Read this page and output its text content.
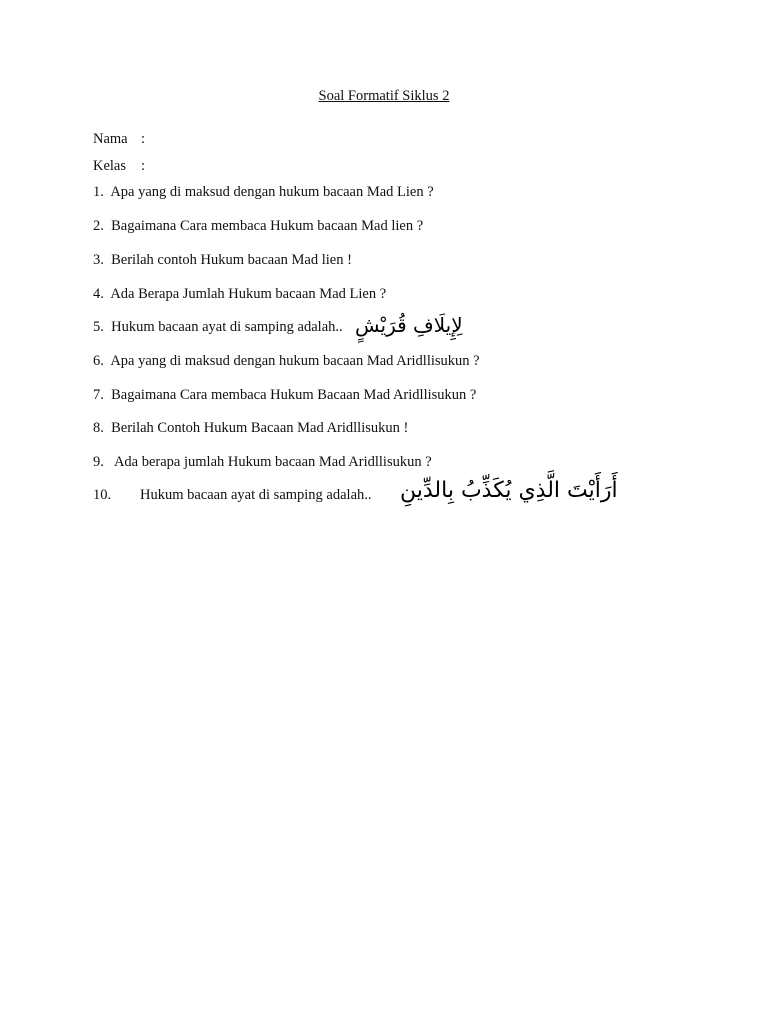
Soal Formatif Siklus 2
Nama :
Kelas :
1. Apa yang di maksud dengan hukum bacaan Mad Lien ?
2. Bagaimana Cara membaca Hukum bacaan Mad lien ?
3. Berilah contoh Hukum bacaan Mad lien !
4. Ada Berapa Jumlah Hukum bacaan Mad Lien ?
5. Hukum bacaan ayat di samping adalah.. لِإِيلَافِ قُرَيْشٍ
6. Apa yang di maksud dengan hukum bacaan Mad Aridllisukun ?
7. Bagaimana Cara membaca Hukum Bacaan Mad Aridllisukun ?
8. Berilah Contoh Hukum Bacaan Mad Aridllisukun !
9. Ada berapa jumlah Hukum bacaan Mad Aridllisukun ?
10. Hukum bacaan ayat di samping adalah.. أَرَأَيْتَ الَّذِي يُكَذِّبُ بِالدِّينِ
